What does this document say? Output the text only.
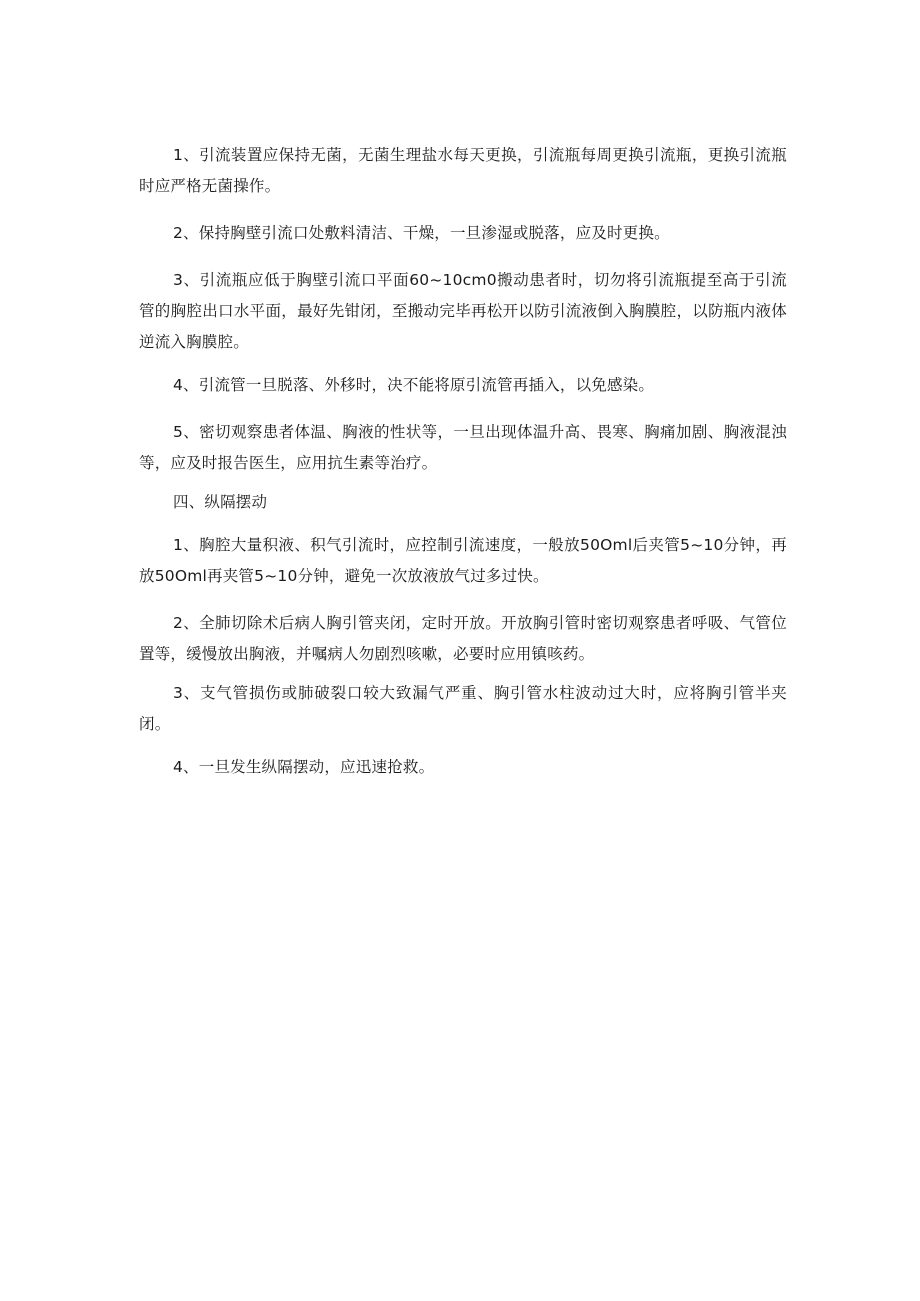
1、引流装置应保持无菌，无菌生理盐水每天更换，引流瓶每周更换引流瓶，更换引流瓶时应严格无菌操作。

2、保持胸壁引流口处敷料清洁、干燥，一旦渗湿或脱落，应及时更换。

3、引流瓶应低于胸壁引流口平面60~10cm0搬动患者时，切勿将引流瓶提至高于引流管的胸腔出口水平面，最好先钳闭，至搬动完毕再松开以防引流液倒入胸膜腔，以防瓶内液体逆流入胸膜腔。

4、引流管一旦脱落、外移时，决不能将原引流管再插入，以免感染。

5、密切观察患者体温、胸液的性状等，一旦出现体温升高、畏寒、胸痛加剧、胸液混浊等，应及时报告医生，应用抗生素等治疗。

四、纵隔摆动

1、胸腔大量积液、积气引流时，应控制引流速度，一般放50Oml后夹管5~10分钟，再放50Oml再夹管5~10分钟，避免一次放液放气过多过快。

2、全肺切除术后病人胸引管夹闭，定时开放。开放胸引管时密切观察患者呼吸、气管位置等，缓慢放出胸液，并嘱病人勿剧烈咳嗽，必要时应用镇咳药。

3、支气管损伤或肺破裂口较大致漏气严重、胸引管水柱波动过大时，应将胸引管半夹闭。

4、一旦发生纵隔摆动，应迅速抢救。
